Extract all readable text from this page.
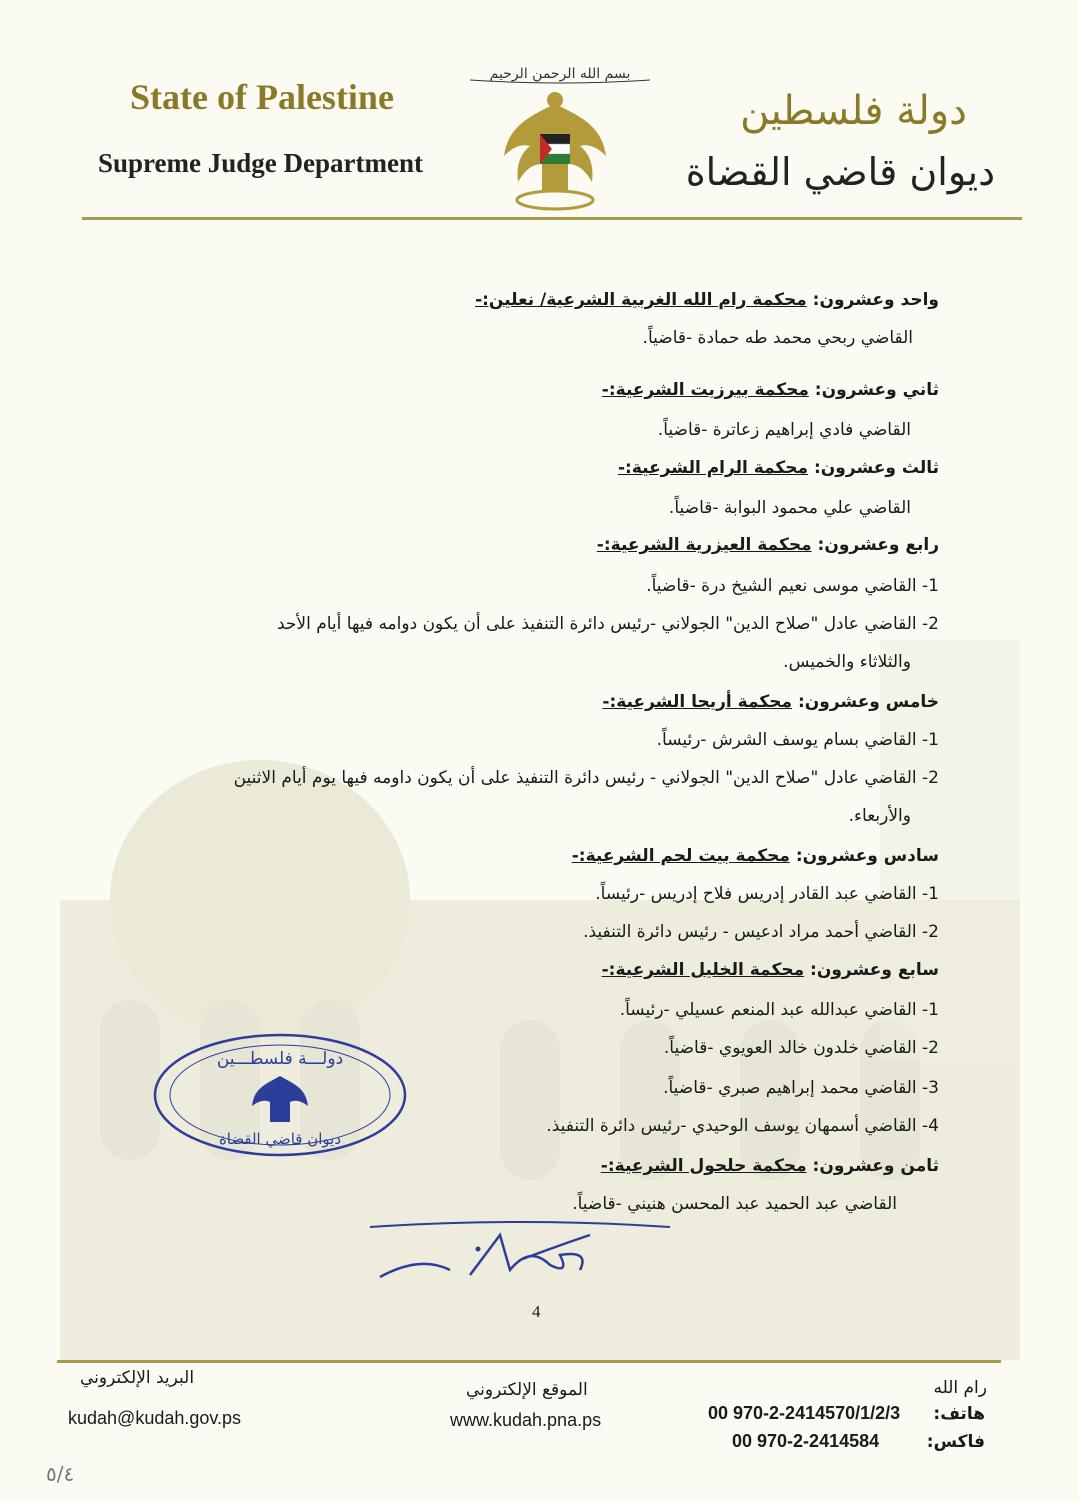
State of Palestine
Supreme Judge Department
دولة فلسطين
ديوان قاضي القضاة
بسم الله الرحمن الرحيم
واحد وعشرون: محكمة رام الله الغربية الشرعية/ نعلين:-
القاضي ربحي محمد طه حمادة -قاضياً.
ثاني وعشرون: محكمة بيرزيت الشرعية:-
القاضي فادي إبراهيم زعاترة -قاضياً.
ثالث وعشرون: محكمة الرام الشرعية:-
القاضي علي محمود البوابة -قاضياً.
رابع وعشرون: محكمة العيزرية الشرعية:-
1- القاضي موسى نعيم الشيخ درة -قاضياً.
2- القاضي عادل "صلاح الدين" الجولاني -رئيس دائرة التنفيذ على أن يكون دوامه فيها أيام الأحد
والثلاثاء والخميس.
خامس وعشرون: محكمة أريحا الشرعية:-
1- القاضي بسام يوسف الشرش -رئيساً.
2- القاضي عادل "صلاح الدين" الجولاني - رئيس دائرة التنفيذ على أن يكون داومه فيها يوم أيام الاثنين
والأربعاء.
سادس وعشرون: محكمة بيت لحم الشرعية:-
1- القاضي عبد القادر إدريس فلاح إدريس -رئيساً.
2- القاضي أحمد مراد ادعيس - رئيس دائرة التنفيذ.
سابع وعشرون: محكمة الخليل الشرعية:-
1- القاضي عبدالله عبد المنعم عسيلي -رئيساً.
2- القاضي خلدون خالد العويوي -قاضياً.
3- القاضي محمد إبراهيم صبري -قاضياً.
4- القاضي أسمهان يوسف الوحيدي -رئيس دائرة التنفيذ.
ثامن وعشرون: محكمة حلحول الشرعية:-
القاضي عبد الحميد عبد المحسن هنيني -قاضياً.
دولـــة فلسطـــين
ديوان قاضي القضاة
4
البريد الإلكتروني
kudah@kudah.gov.ps
الموقع الإلكتروني
www.kudah.pna.ps
رام الله
هاتف:
00 970-2-2414570/1/2/3
فاكس:
00 970-2-2414584
٥/٤
